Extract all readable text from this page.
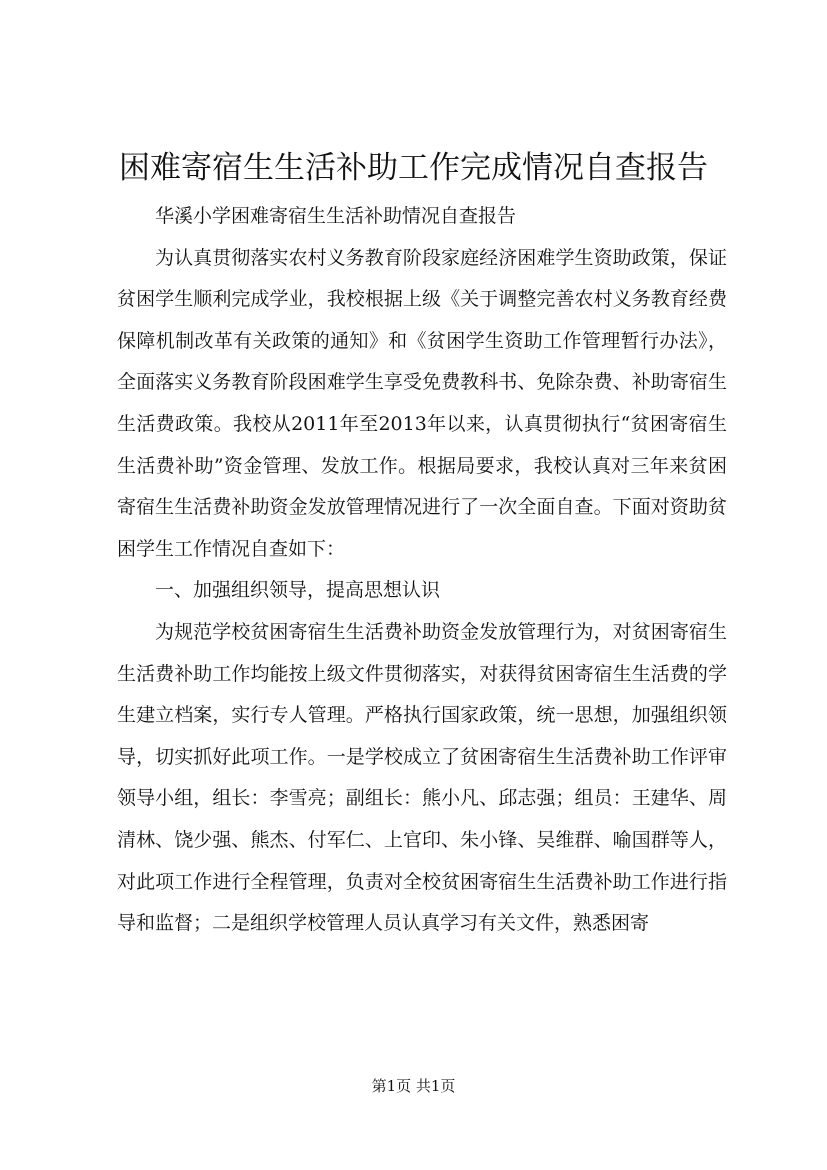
困难寄宿生生活补助工作完成情况自查报告

华溪小学困难寄宿生生活补助情况自查报告

为认真贯彻落实农村义务教育阶段家庭经济困难学生资助政策，保证贫困学生顺利完成学业，我校根据上级《关于调整完善农村义务教育经费保障机制改革有关政策的通知》和《贫困学生资助工作管理暂行办法》，全面落实义务教育阶段困难学生享受免费教科书、免除杂费、补助寄宿生生活费政策。我校从2011年至2013年以来，认真贯彻执行“贫困寄宿生生活费补助”资金管理、发放工作。根据局要求，我校认真对三年来贫困寄宿生生活费补助资金发放管理情况进行了一次全面自查。下面对资助贫困学生工作情况自查如下：

一、加强组织领导，提高思想认识

为规范学校贫困寄宿生生活费补助资金发放管理行为，对贫困寄宿生生活费补助工作均能按上级文件贯彻落实，对获得贫困寄宿生生活费的学生建立档案，实行专人管理。严格执行国家政策，统一思想，加强组织领导，切实抓好此项工作。一是学校成立了贫困寄宿生生活费补助工作评审领导小组，组长：李雪亮；副组长：熊小凡、邱志强；组员：王建华、周清林、饶少强、熊杰、付军仁、上官印、朱小锋、吴维群、喻国群等人，对此项工作进行全程管理，负责对全校贫困寄宿生生活费补助工作进行指导和监督；二是组织学校管理人员认真学习有关文件，熟悉困寄

第1页 共1页
